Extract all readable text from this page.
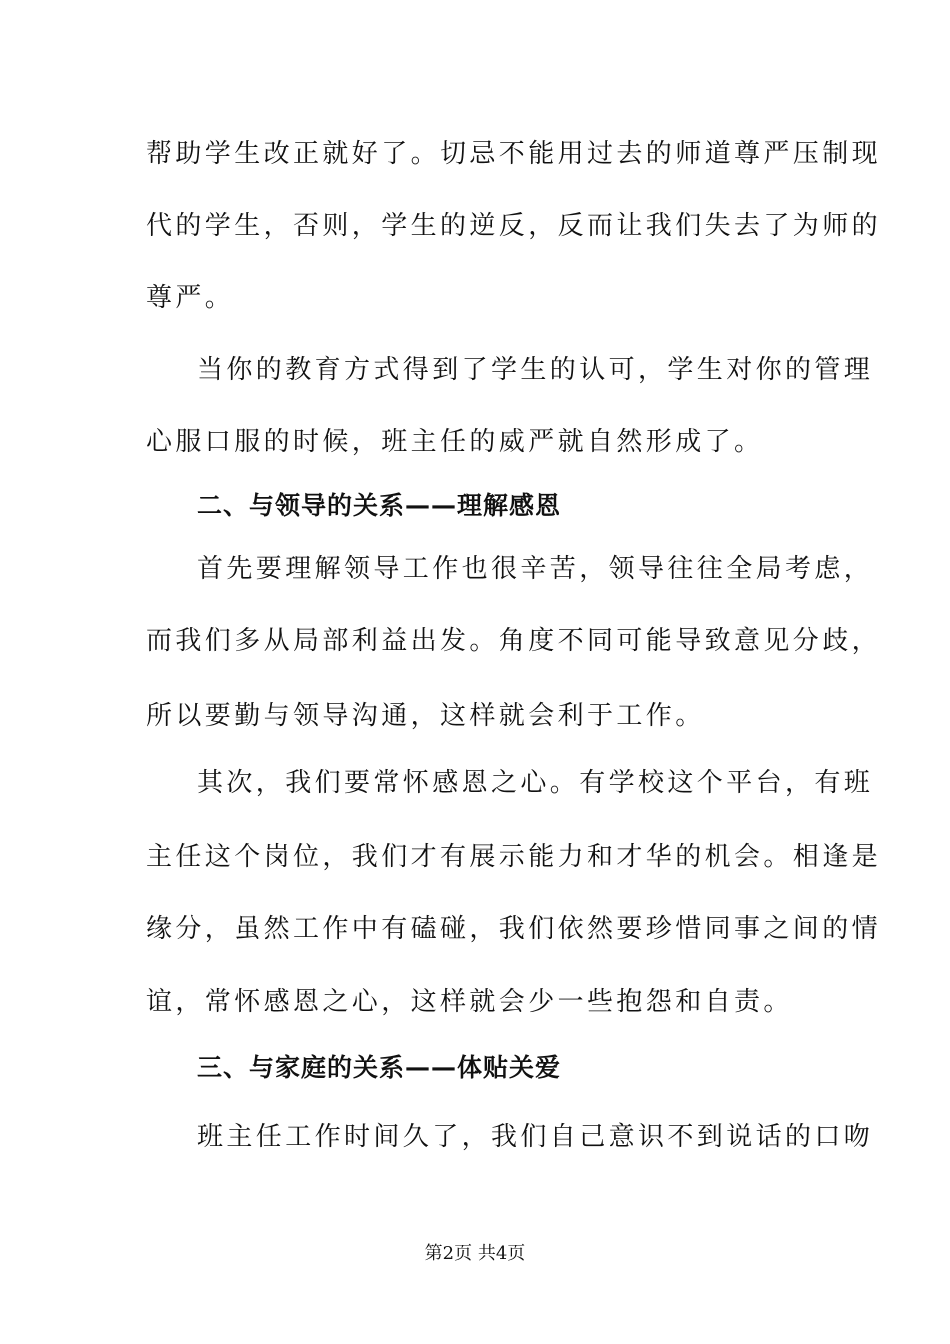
帮助学生改正就好了。切忌不能用过去的师道尊严压制现
代的学生，否则，学生的逆反，反而让我们失去了为师的
尊严。
当你的教育方式得到了学生的认可，学生对你的管理
心服口服的时候，班主任的威严就自然形成了。
二、与领导的关系——理解感恩
首先要理解领导工作也很辛苦，领导往往全局考虑，
而我们多从局部利益出发。角度不同可能导致意见分歧，
所以要勤与领导沟通，这样就会利于工作。
其次，我们要常怀感恩之心。有学校这个平台，有班
主任这个岗位，我们才有展示能力和才华的机会。相逢是
缘分，虽然工作中有磕碰，我们依然要珍惜同事之间的情
谊，常怀感恩之心，这样就会少一些抱怨和自责。
三、与家庭的关系——体贴关爱
班主任工作时间久了，我们自己意识不到说话的口吻
第2页 共4页
